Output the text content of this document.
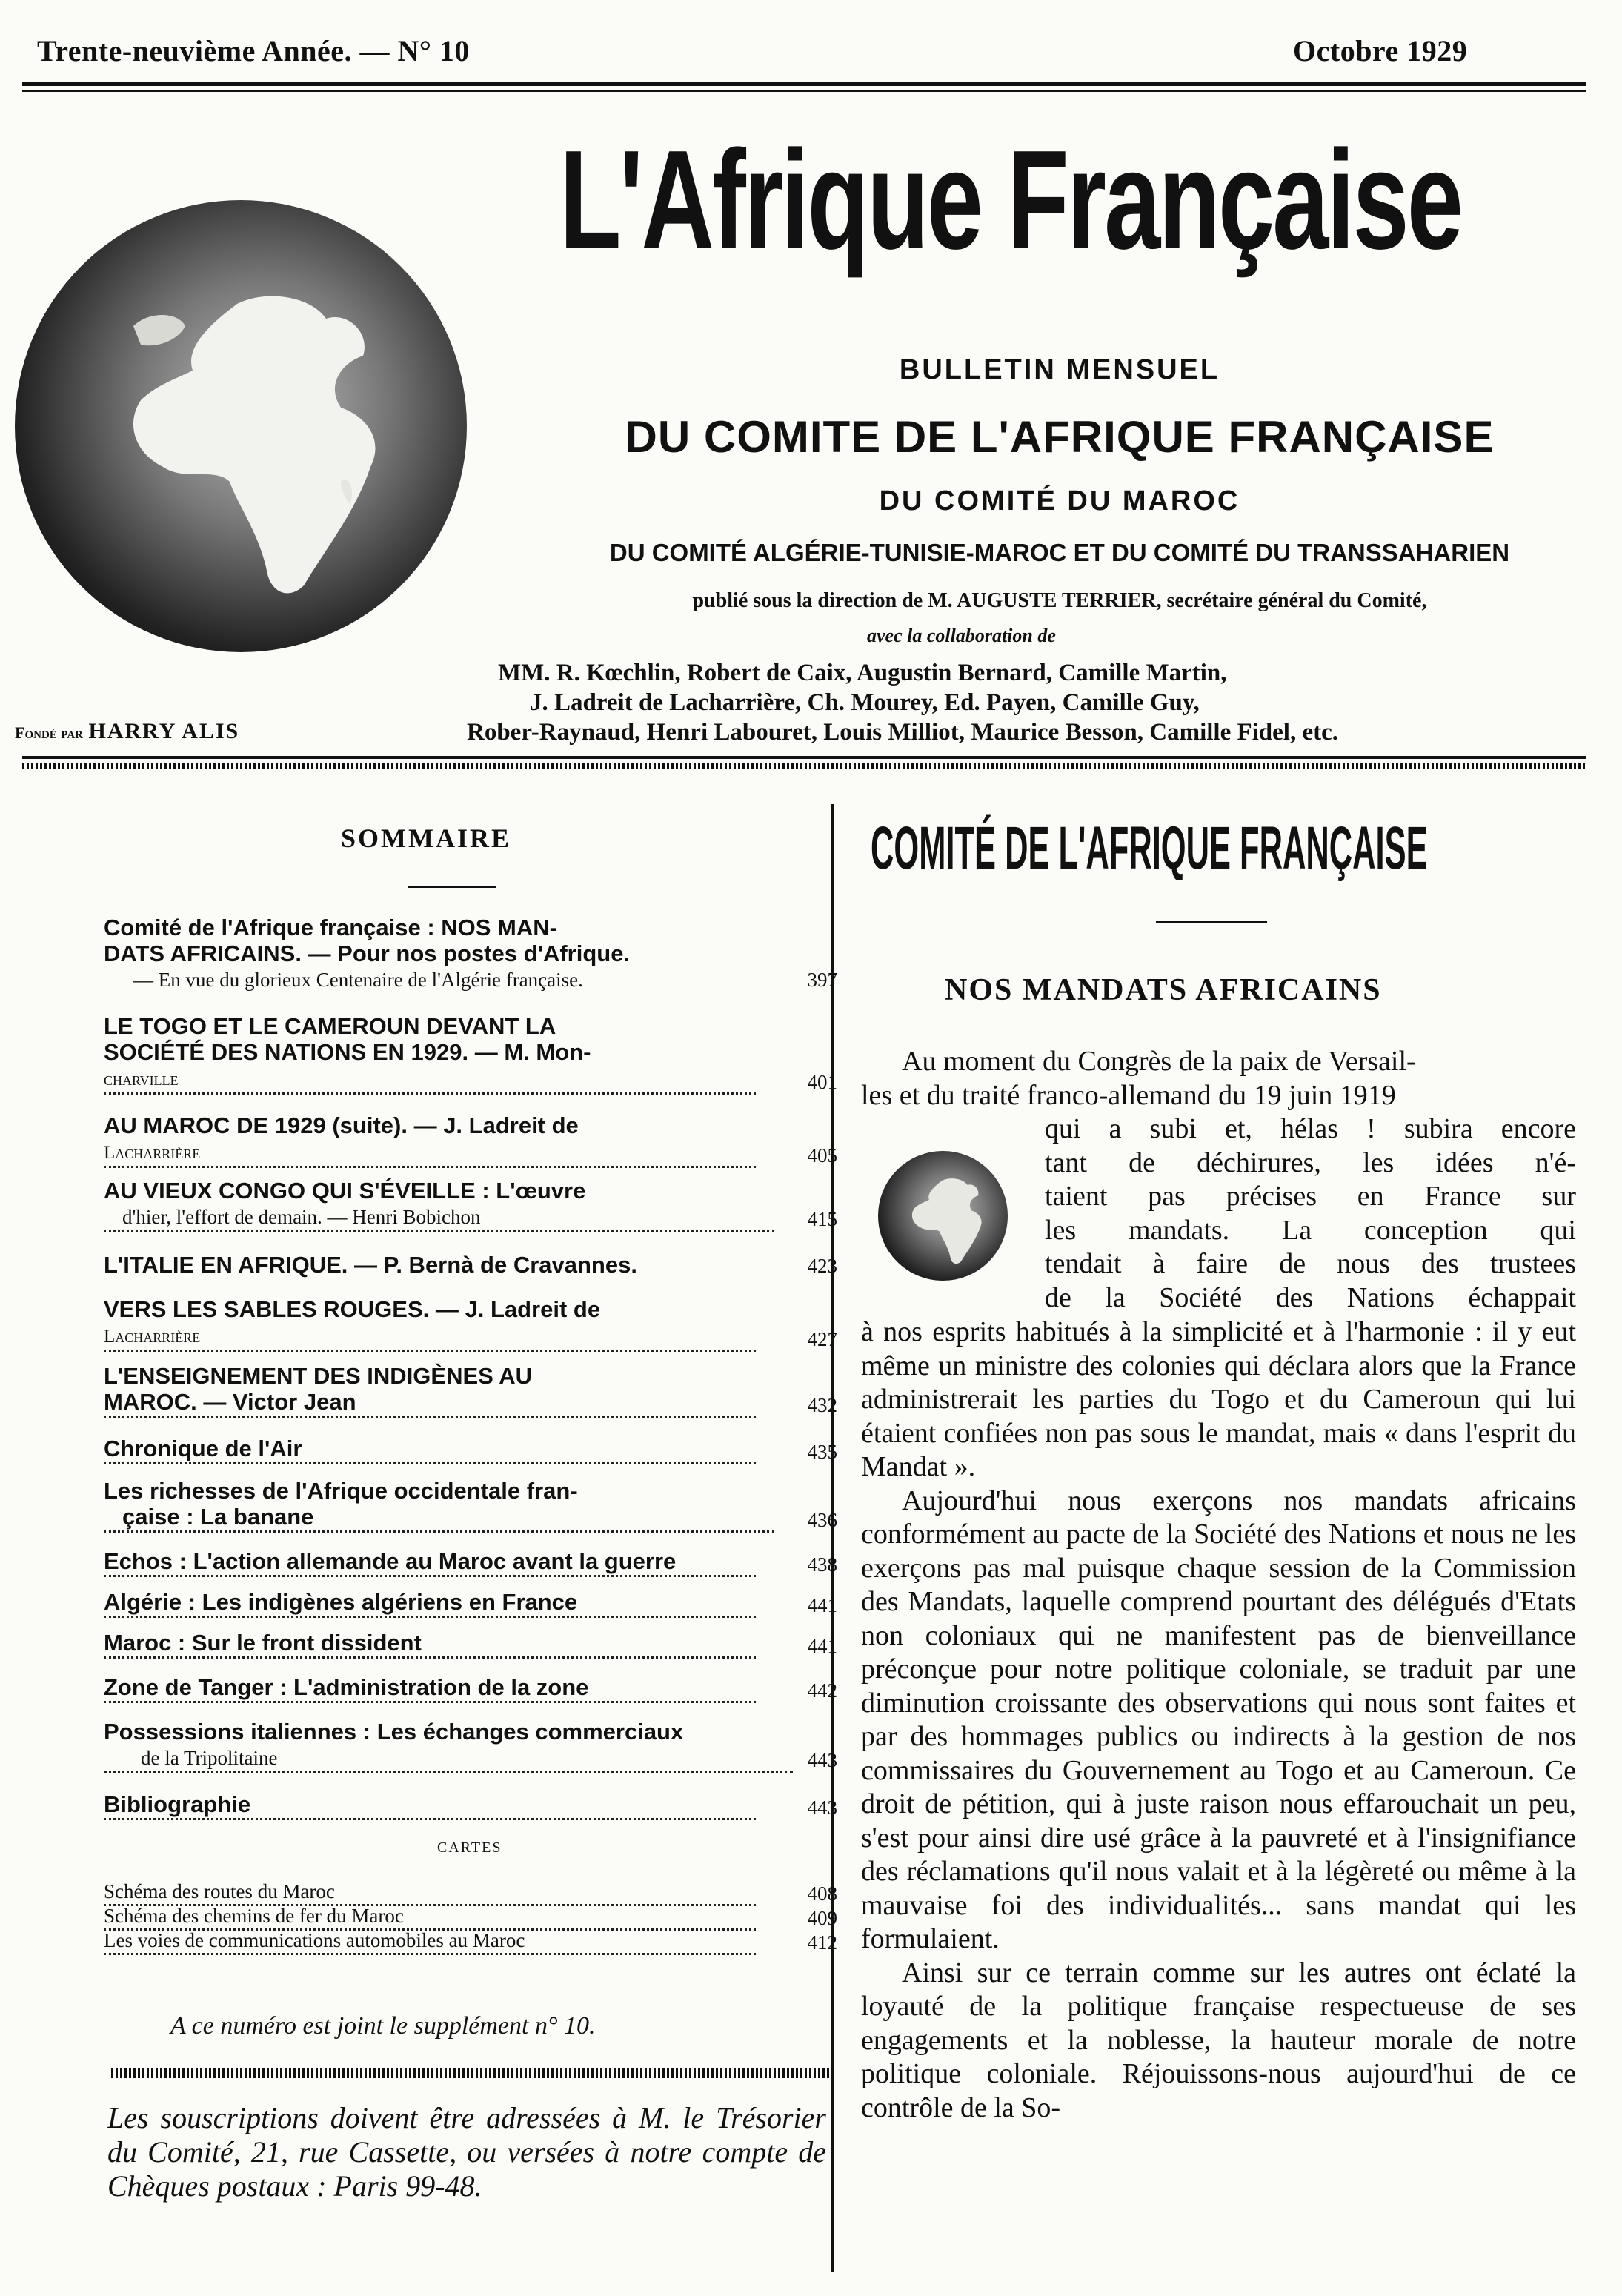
Trente-neuvième Année. — N° 10	Octobre 1929
Fondé par HARRY ALIS
L'Afrique Française
BULLETIN MENSUEL
DU COMITE DE L'AFRIQUE FRANÇAISE
DU COMITÉ DU MAROC
DU COMITÉ ALGÉRIE-TUNISIE-MAROC ET DU COMITÉ DU TRANSSAHARIEN
publié sous la direction de M. AUGUSTE TERRIER, secrétaire général du Comité,
avec la collaboration de
MM. R. Kœchlin, Robert de Caix, Augustin Bernard, Camille Martin,
J. Ladreit de Lacharrière, Ch. Mourey, Ed. Payen, Camille Guy,
Rober-Raynaud, Henri Labouret, Louis Milliot, Maurice Besson, Camille Fidel, etc.
SOMMAIRE
Comité de l'Afrique française : NOS MAN-
DATS AFRICAINS. — Pour nos postes d'Afrique.
— En vue du glorieux Centenaire de l'Algérie française.	397
LE TOGO ET LE CAMEROUN DEVANT LA
SOCIÉTÉ DES NATIONS EN 1929. — M. Mon-
charville	401
AU MAROC DE 1929 (suite). — J. Ladreit de
Lacharrière	405
AU VIEUX CONGO QUI S'ÉVEILLE : L'œuvre
d'hier, l'effort de demain. — Henri Bobichon	415
L'ITALIE EN AFRIQUE. — P. Bernà de Cravannes.	423
VERS LES SABLES ROUGES. — J. Ladreit de
Lacharrière	427
L'ENSEIGNEMENT DES INDIGÈNES AU
MAROC. — Victor Jean	432
Chronique de l'Air	435
Les richesses de l'Afrique occidentale fran-
çaise : La banane	436
Echos : L'action allemande au Maroc avant la guerre	438
Algérie : Les indigènes algériens en France	441
Maroc : Sur le front dissident	441
Zone de Tanger : L'administration de la zone	442
Possessions italiennes : Les échanges commerciaux
de la Tripolitaine	443
Bibliographie	443
CARTES
Schéma des routes du Maroc	408
Schéma des chemins de fer du Maroc	409
Les voies de communications automobiles au Maroc	412
A ce numéro est joint le supplément n° 10.
Les souscriptions doivent être adressées à M. le Trésorier du Comité, 21, rue Cassette, ou versées à notre compte de Chèques postaux : Paris 99-48.
COMITÉ DE L'AFRIQUE FRANÇAISE
NOS MANDATS AFRICAINS
Au moment du Congrès de la paix de Versail-
les et du traité franco-allemand du 19 juin 1919
qui a subi et, hélas ! subira encore
tant de déchirures, les idées n'é-
taient pas précises en France sur
les mandats. La conception qui
tendait à faire de nous des trustees
de la Société des Nations échappait

à nos esprits habitués à la simplicité et à l'harmonie : il y eut même un ministre des colonies qui déclara alors que la France administrerait les parties du Togo et du Cameroun qui lui étaient confiées non pas sous le mandat, mais « dans l'esprit du Mandat ».

Aujourd'hui nous exerçons nos mandats africains conformément au pacte de la Société des Nations et nous ne les exerçons pas mal puisque chaque session de la Commission des Mandats, laquelle comprend pourtant des délégués d'Etats non coloniaux qui ne manifestent pas de bienveillance préconçue pour notre politique coloniale, se traduit par une diminution croissante des observations qui nous sont faites et par des hommages publics ou indirects à la gestion de nos commissaires du Gouvernement au Togo et au Cameroun. Ce droit de pétition, qui à juste raison nous effarouchait un peu, s'est pour ainsi dire usé grâce à la pauvreté et à l'insignifiance des réclamations qu'il nous valait et à la légèreté ou même à la mauvaise foi des individualités... sans mandat qui les formulaient.

Ainsi sur ce terrain comme sur les autres ont éclaté la loyauté de la politique française respectueuse de ses engagements et la noblesse, la hauteur morale de notre politique coloniale. Réjouissons-nous aujourd'hui de ce contrôle de la So-
